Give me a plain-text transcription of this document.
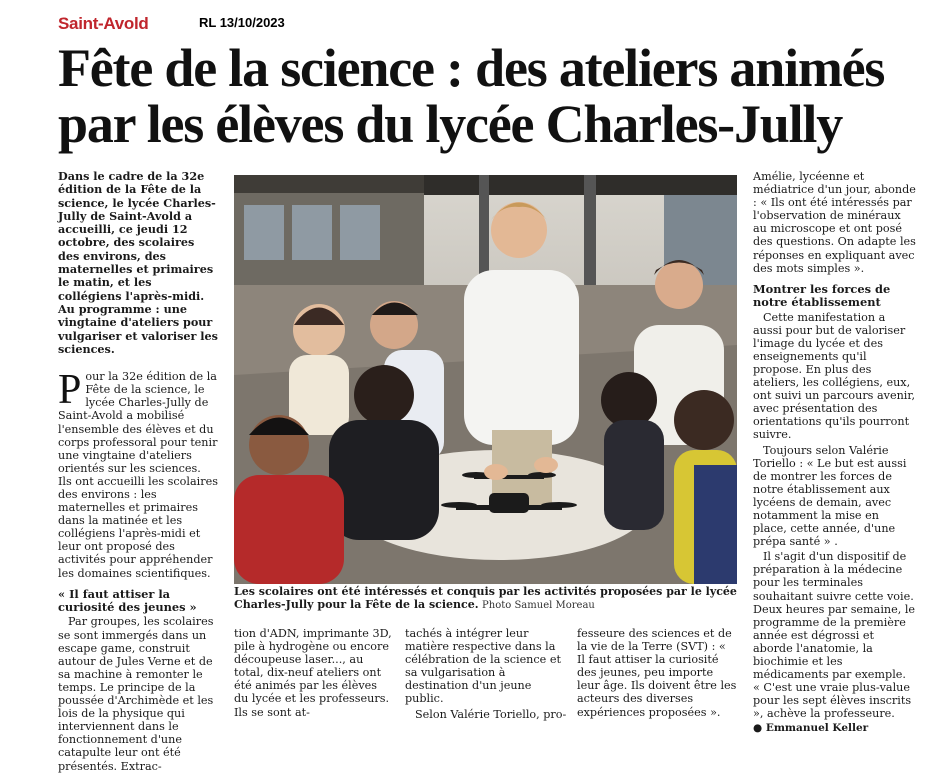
Saint-Avold	RL 13/10/2023
Fête de la science : des ateliers animés par les élèves du lycée Charles-Jully

Dans le cadre de la 32e édition de la Fête de la science, le lycée Charles-Jully de Saint-Avold a accueilli, ce jeudi 12 octobre, des scolaires des environs, des maternelles et primaires le matin, et les collégiens l'après-midi. Au programme : une vingtaine d'ateliers pour vulgariser et valoriser les sciences.

Pour la 32e édition de la Fête de la science, le lycée Charles-Jully de Saint-Avold a mobilisé l'ensemble des élèves et du corps professoral pour tenir une vingtaine d'ateliers orientés sur les sciences. Ils ont accueilli les scolaires des environs : les maternelles et primaires dans la matinée et les collégiens l'après-midi et leur ont proposé des activités pour appréhender les domaines scientifiques.

« Il faut attiser la curiosité des jeunes »

Par groupes, les scolaires se sont immergés dans un escape game, construit autour de Jules Verne et de sa machine à remonter le temps. Le principe de la poussée d'Archimède et les lois de la physique qui interviennent dans le fonctionnement d'une catapulte leur ont été présentés. Extrac-

Les scolaires ont été intéressés et conquis par les activités proposées par le lycée Charles-Jully pour la Fête de la science. Photo Samuel Moreau

tion d'ADN, imprimante 3D, pile à hydrogène ou encore découpeuse laser..., au total, dix-neuf ateliers ont été animés par les élèves du lycée et les professeurs. Ils se sont at-

tachés à intégrer leur matière respective dans la célébration de la science et sa vulgarisation à destination d'un jeune public.

Selon Valérie Toriello, pro-

fesseure des sciences et de la vie de la Terre (SVT) : « Il faut attiser la curiosité des jeunes, peu importe leur âge. Ils doivent être les acteurs des diverses expériences proposées ».

Amélie, lycéenne et médiatrice d'un jour, abonde : « Ils ont été intéressés par l'observation de minéraux au microscope et ont posé des questions. On adapte les réponses en expliquant avec des mots simples ».

Montrer les forces de notre établissement

Cette manifestation a aussi pour but de valoriser l'image du lycée et des enseignements qu'il propose. En plus des ateliers, les collégiens, eux, ont suivi un parcours avenir, avec présentation des orientations qu'ils pourront suivre.

Toujours selon Valérie Toriello : « Le but est aussi de montrer les forces de notre établissement aux lycéens de demain, avec notamment la mise en place, cette année, d'une prépa santé » .

Il s'agit d'un dispositif de préparation à la médecine pour les terminales souhaitant suivre cette voie. Deux heures par semaine, le programme de la première année est dégrossi et aborde l'anatomie, la biochimie et les médicaments par exemple. « C'est une vraie plus-value pour les sept élèves inscrits », achève la professeure.

● Emmanuel Keller
